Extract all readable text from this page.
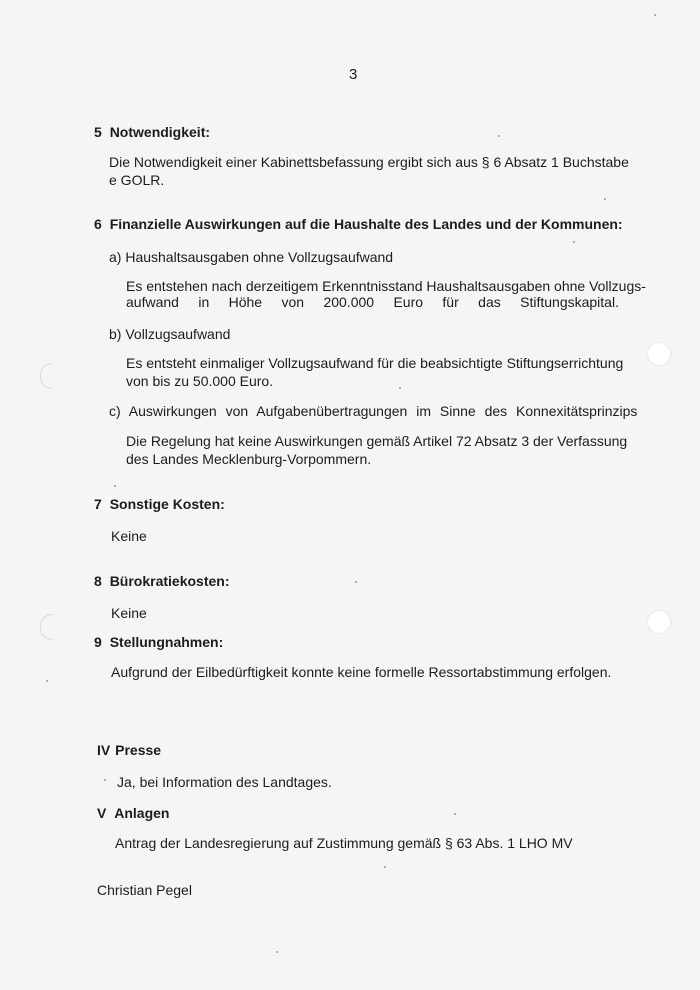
3
5 Notwendigkeit:
Die Notwendigkeit einer Kabinettsbefassung ergibt sich aus § 6 Absatz 1 Buchstabe
e GOLR.
6 Finanzielle Auswirkungen auf die Haushalte des Landes und der Kommunen:
a) Haushaltsausgaben ohne Vollzugsaufwand
Es entstehen nach derzeitigem Erkenntnisstand Haushaltsausgaben ohne Vollzugs-
aufwand in Höhe von 200.000 Euro für das Stiftungskapital.
b) Vollzugsaufwand
Es entsteht einmaliger Vollzugsaufwand für die beabsichtigte Stiftungserrichtung
von bis zu 50.000 Euro.
c) Auswirkungen von Aufgabenübertragungen im Sinne des Konnexitätsprinzips
Die Regelung hat keine Auswirkungen gemäß Artikel 72 Absatz 3 der Verfassung
des Landes Mecklenburg-Vorpommern.
7 Sonstige Kosten:
Keine
8 Bürokratiekosten:
Keine
9 Stellungnahmen:
Aufgrund der Eilbedürftigkeit konnte keine formelle Ressortabstimmung erfolgen.
IV Presse
Ja, bei Information des Landtages.
V Anlagen
Antrag der Landesregierung auf Zustimmung gemäß § 63 Abs. 1 LHO MV
Christian Pegel
